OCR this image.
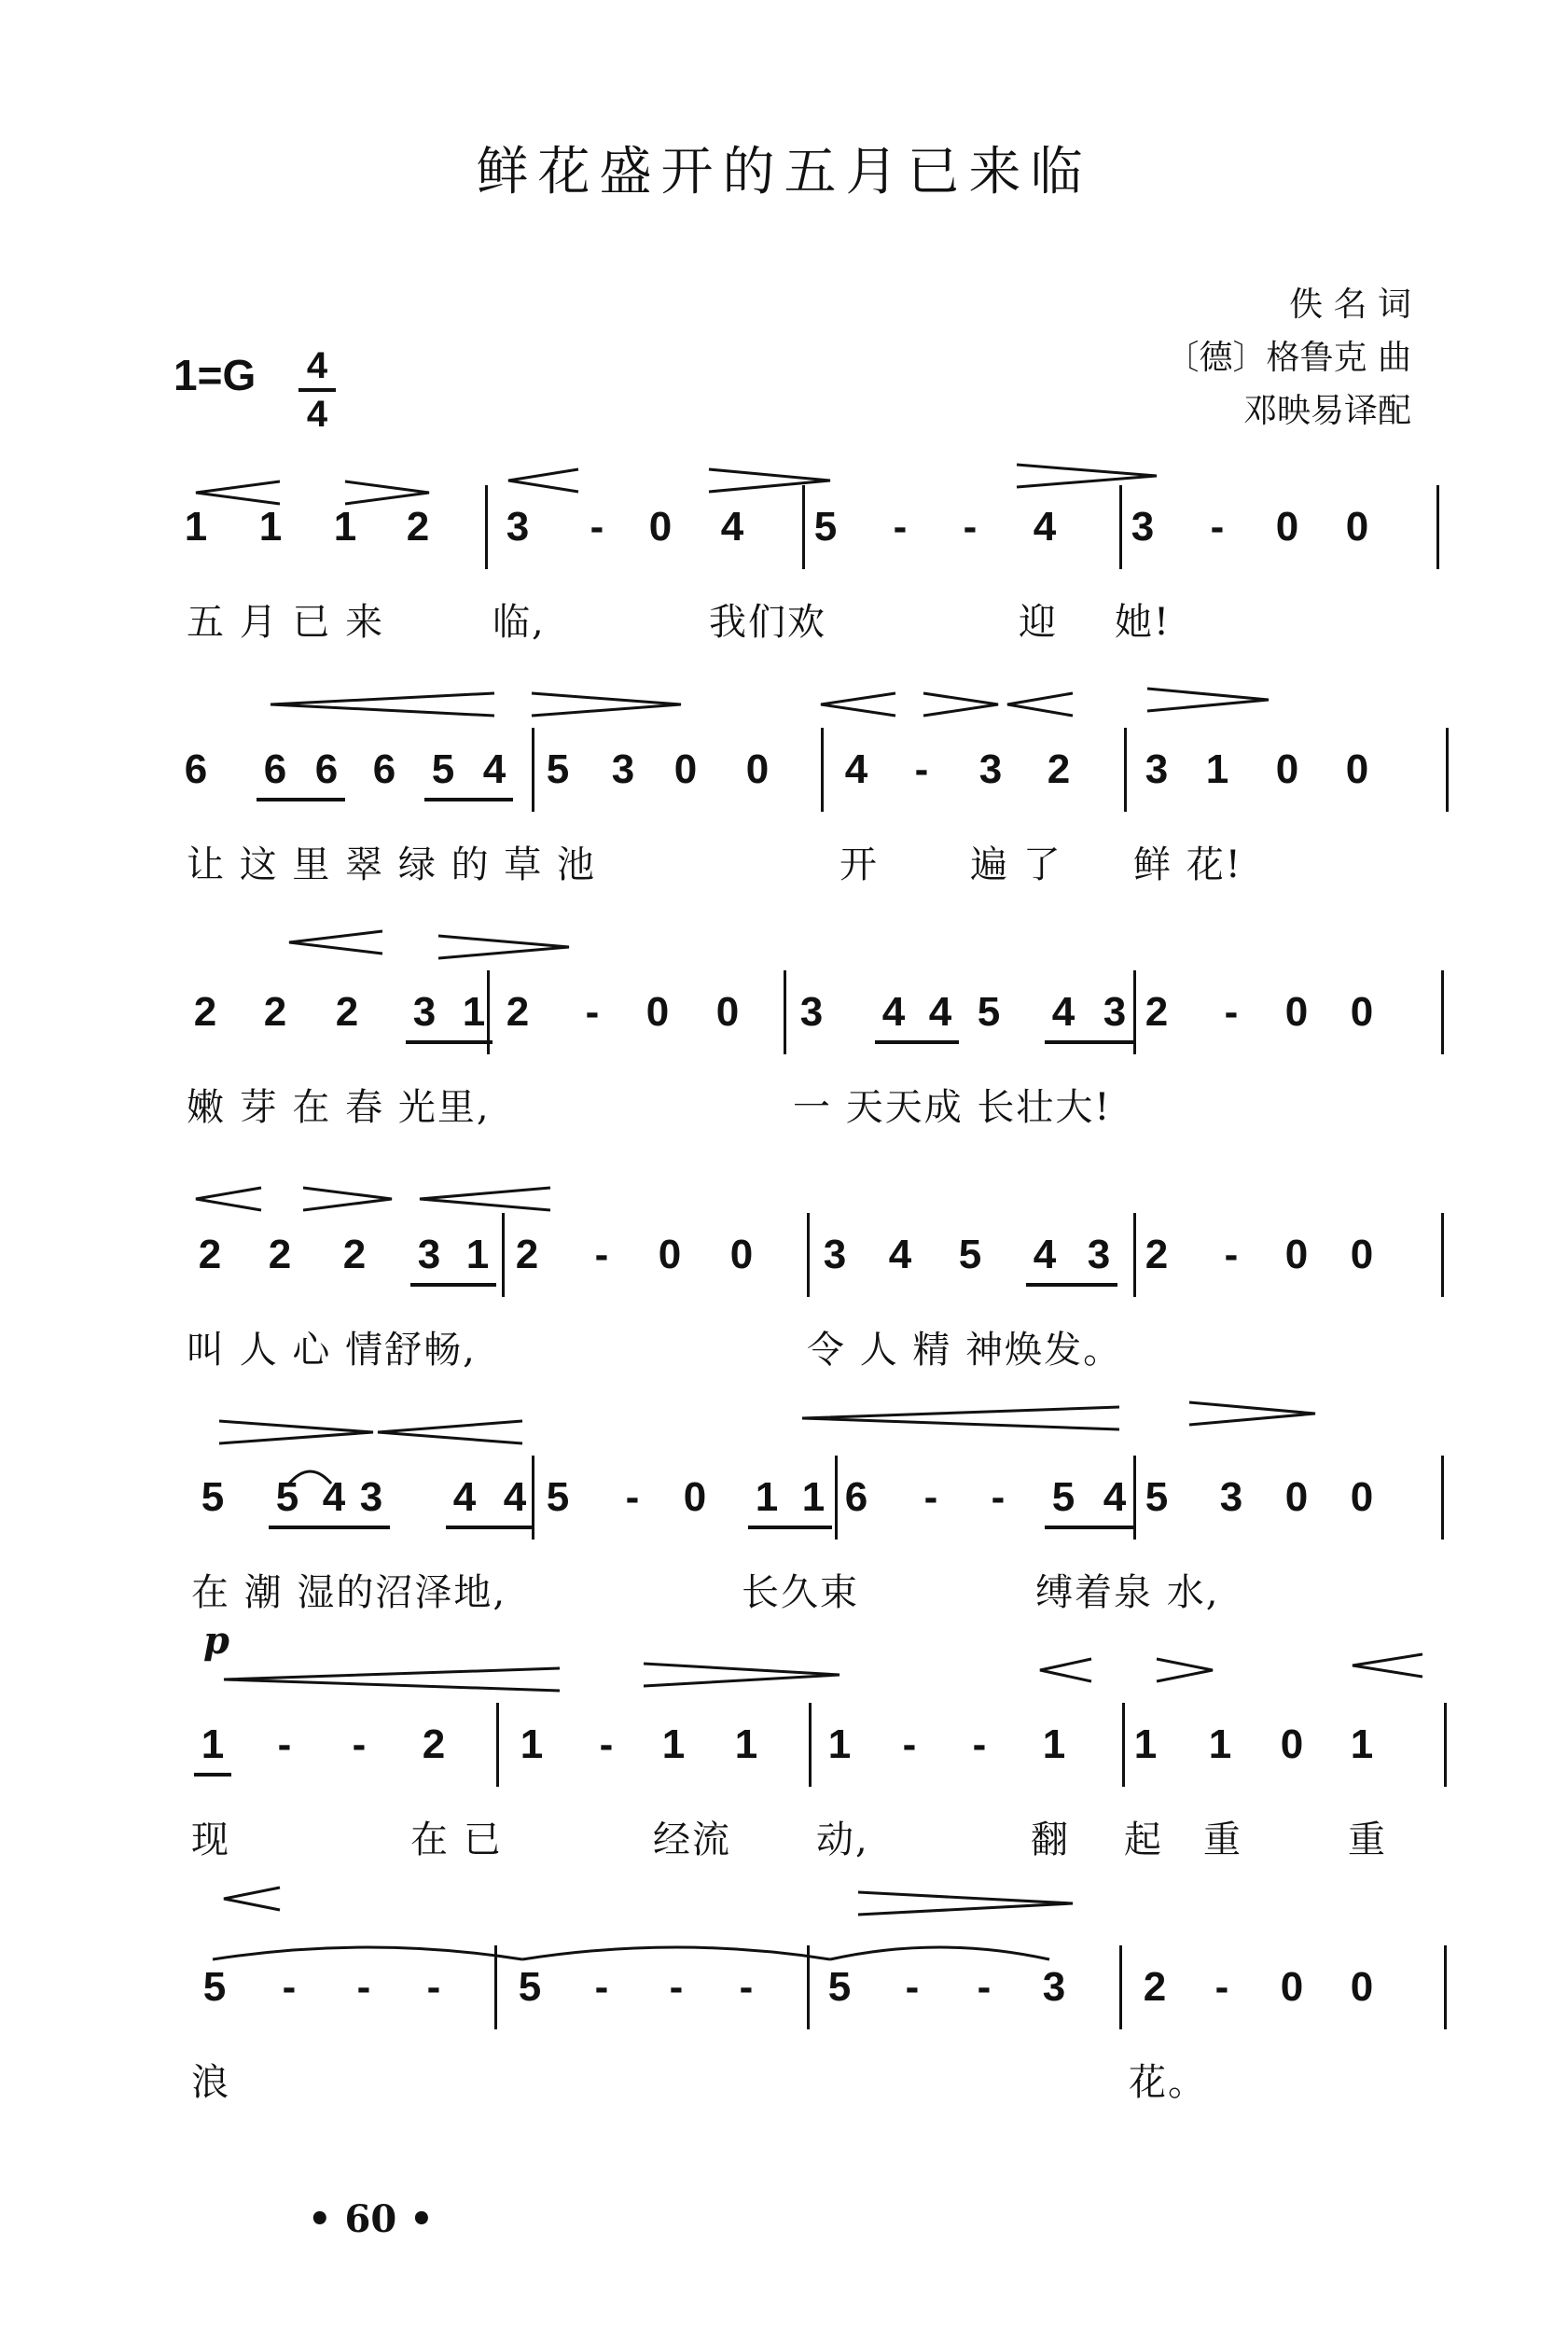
鲜花盛开的五月已来临
佚 名 词
〔德〕格鲁克 曲
邓映易译配
1=G 4
4
1 1 1 2 3 - 0 4 5 - - 4 3 - 0 0
五 月 已 来	临,	我们欢	迎 她!
6 6 6 6 5 4 5 3 0 0 4 - 3 2 3 1 0 0
让 这 里 翠 绿 的 草 池	开 遍 了 鲜 花!
2 2 2 3 1 2 - 0 0 3 4 4 5 4 3 2 - 0 0
嫩 芽 在 春 光里,	一 天天成 长壮大!
2 2 2 3 1 2 - 0 0 3 4 5 4 3 2 - 0 0
叫 人 心 情舒畅,	令 人 精 神焕发。
5 5 4 3 4 4 5 - 0 1 1 6 - - 5 4 5 3 0 0
在 潮 湿的沼泽地,	长久束	缚着泉 水,
1 - - 2 1 - 1 1 1 - - 1 1 1 0 1
现	在 已	经流 动,	翻 起 重	重
p
5 - - - 5 - - - 5 - - 3 2 - 0 0
浪	花。
• 60 •
